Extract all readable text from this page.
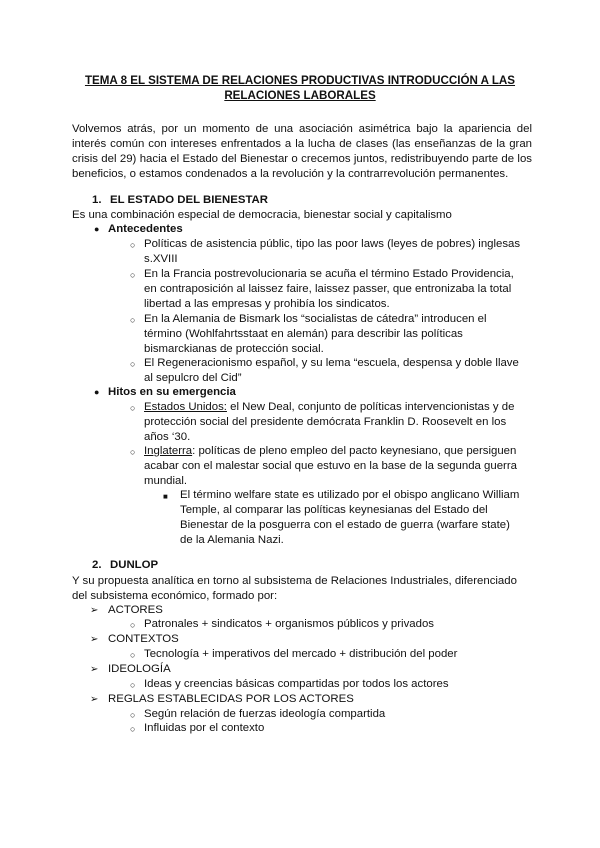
TEMA 8 EL SISTEMA DE RELACIONES PRODUCTIVAS INTRODUCCIÓN A LAS
RELACIONES LABORALES
Volvemos atrás, por un momento de una asociación asimétrica bajo la apariencia del interés común con intereses enfrentados a la lucha de clases (las enseñanzas de la gran crisis del 29) hacia el Estado del Bienestar o crecemos juntos, redistribuyendo parte de los beneficios, o estamos condenados a la revolución y la contrarrevolución permanentes.
1. EL ESTADO DEL BIENESTAR
Es una combinación especial de democracia, bienestar social y capitalismo
● Antecedentes
○ Políticas de asistencia públic, tipo las poor laws (leyes de pobres) inglesas s.XVIII
○ En la Francia postrevolucionaria se acuña el término Estado Providencia, en contraposición al laissez faire, laissez passer, que entronizaba la total libertad a las empresas y prohibía los sindicatos.
○ En la Alemania de Bismark los “socialistas de cátedra” introducen el término (Wohlfahrtsstaat en alemán) para describir las políticas bismarckianas de protección social.
○ El Regeneracionismo español, y su lema “escuela, despensa y doble llave al sepulcro del Cid”
● Hitos en su emergencia
○ Estados Unidos: el New Deal, conjunto de políticas intervencionistas y de protección social del presidente demócrata Franklin D. Roosevelt en los años ‘30.
○ Inglaterra: políticas de pleno empleo del pacto keynesiano, que persiguen acabar con el malestar social que estuvo en la base de la segunda guerra mundial.
■ El término welfare state es utilizado por el obispo anglicano William Temple, al comparar las políticas keynesianas del Estado del Bienestar de la posguerra con el estado de guerra (warfare state) de la Alemania Nazi.
2. DUNLOP
Y su propuesta analítica en torno al subsistema de Relaciones Industriales, diferenciado del subsistema económico, formado por:
➢ ACTORES
○ Patronales + sindicatos + organismos públicos y privados
➢ CONTEXTOS
○ Tecnología + imperativos del mercado + distribución del poder
➢ IDEOLOGÍA
○ Ideas y creencias básicas compartidas por todos los actores
➢ REGLAS ESTABLECIDAS POR LOS ACTORES
○ Según relación de fuerzas ideología compartida
○ Influidas por el contexto
